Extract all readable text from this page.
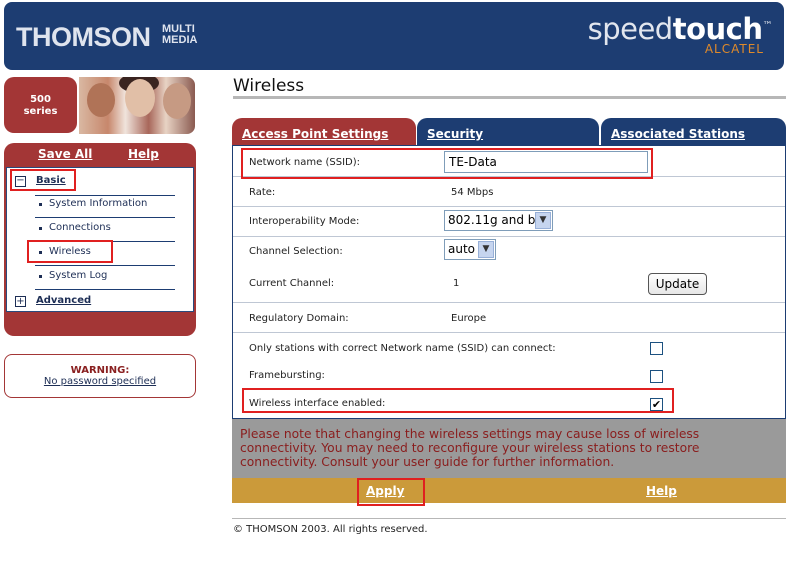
THOMSON MULTI MEDIA	speedtouch™
ALCATEL
500
series
Save All	Help
− Basic
System Information
Connections
Wireless
System Log
+ Advanced
WARNING:
No password specified
Wireless
Access Point Settings	Security	Associated Stations
Network name (SSID):
TE-Data
Rate:	54 Mbps
Interoperability Mode:	802.11g and b ▼
Channel Selection:	auto ▼
Current Channel:	1	Update
Regulatory Domain:	Europe
Only stations with correct Network name (SSID) can connect:
Frameburstinɡ:
Wireless interface enabled:	✔
Please note that changing the wireless settings may cause loss of wireless connectivity. You may need to reconfigure your wireless stations to restore connectivity. Consult your user guide for further information.
Apply	Help
© THOMSON 2003. All rights reserved.
